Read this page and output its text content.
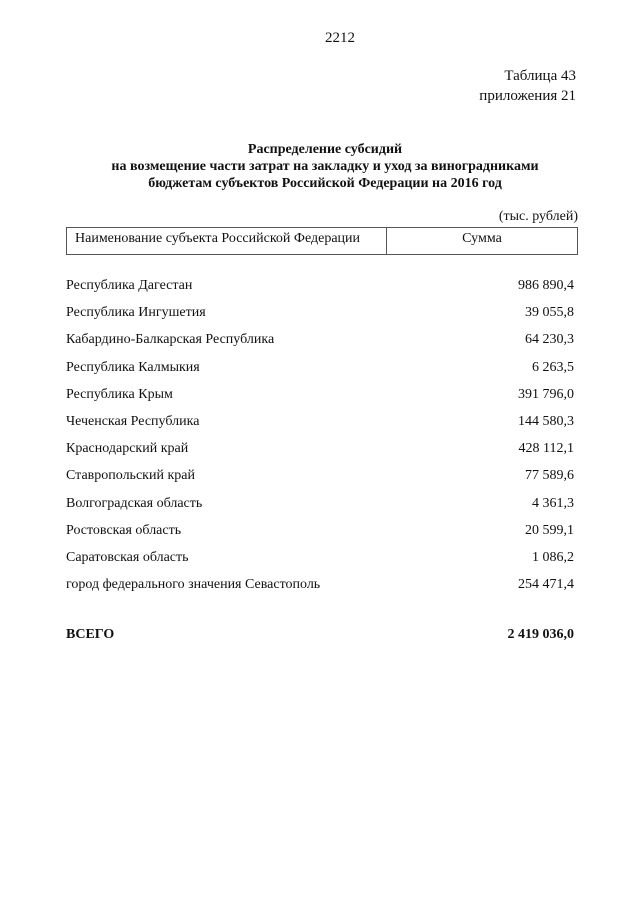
2212
Таблица 43
приложения 21
Распределение субсидий
на возмещение части затрат на закладку и уход за виноградниками
бюджетам субъектов Российской Федерации на 2016 год
(тыс. рублей)
Наименование субъекта Российской Федерации	Сумма
Республика Дагестан	986 890,4
Республика Ингушетия	39 055,8
Кабардино-Балкарская Республика	64 230,3
Республика Калмыкия	6 263,5
Республика Крым	391 796,0
Чеченская Республика	144 580,3
Краснодарский край	428 112,1
Ставропольский край	77 589,6
Волгоградская область	4 361,3
Ростовская область	20 599,1
Саратовская область	1 086,2
город федерального значения Севастополь	254 471,4
ВСЕГО	2 419 036,0
